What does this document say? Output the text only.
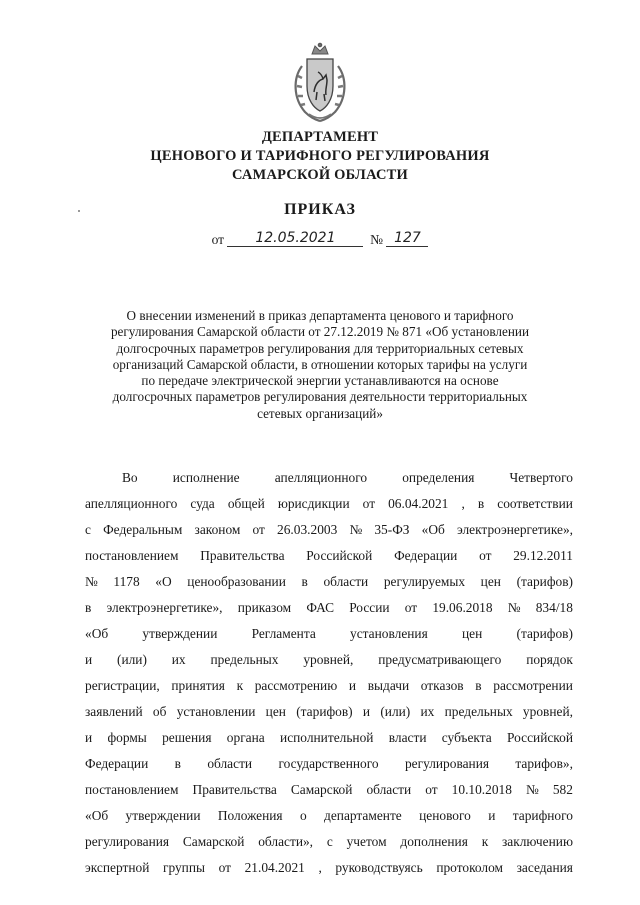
ДЕПАРТАМЕНТ
ЦЕНОВОГО И ТАРИФНОГО РЕГУЛИРОВАНИЯ
САМАРСКОЙ ОБЛАСТИ
ПРИКАЗ
от 12.05.2021	№ 127
О внесении изменений в приказ департамента ценового и тарифного
регулирования Самарской области от 27.12.2019 № 871 «Об установлении
долгосрочных параметров регулирования для территориальных сетевых
организаций Самарской области, в отношении которых тарифы на услуги
по передаче электрической энергии устанавливаются на основе
долгосрочных параметров регулирования деятельности территориальных
сетевых организаций»
Во	исполнение	апелляционного	определения	Четвертого
апелляционного суда общей юрисдикции от 06.04.2021 , в соответствии
с Федеральным законом от 26.03.2003 № 35-ФЗ «Об электроэнергетике»,
постановлением Правительства Российской Федерации от 29.12.2011
№ 1178 «О ценообразовании в области регулируемых цен (тарифов)
в электроэнергетике», приказом ФАС России от 19.06.2018 № 834/18
«Об	утверждении	Регламента	установления	цен	(тарифов)
и (или) их предельных уровней, предусматривающего порядок
регистрации, принятия к рассмотрению и выдачи отказов в рассмотрении
заявлений об установлении цен (тарифов) и (или) их предельных уровней,
и формы решения органа исполнительной власти субъекта Российской
Федерации в области государственного регулирования тарифов»,
постановлением Правительства Самарской области от 10.10.2018 № 582
«Об утверждении Положения о департаменте ценового и тарифного
регулирования Самарской области», с учетом дополнения к заключению
экспертной группы от 21.04.2021 , руководствуясь протоколом заседания
